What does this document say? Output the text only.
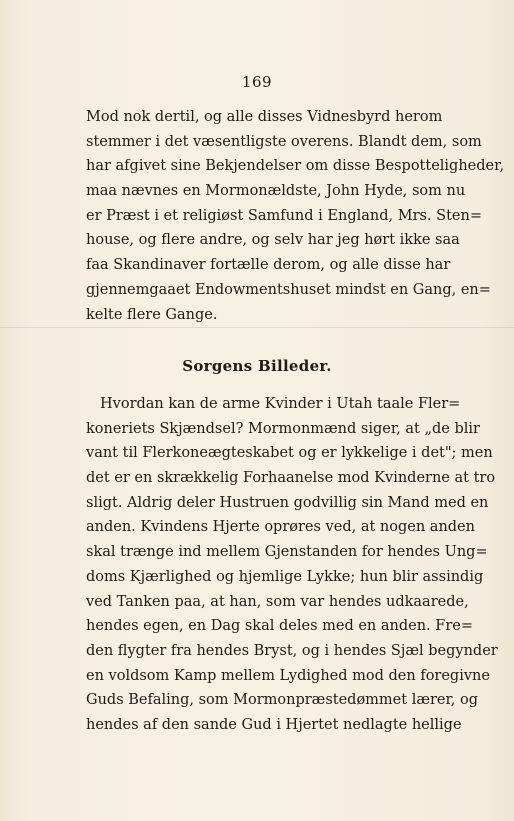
169
Mod nok dertil, og alle disses Vidnesbyrd herom
stemmer i det væsentligste overens. Blandt dem, som
har afgivet sine Bekjendelser om disse Bespotteligheder,
maa nævnes en Mormonældste, John Hyde, som nu
er Præst i et religiøst Samfund i England, Mrs. Sten=
house, og flere andre, og selv har jeg hørt ikke saa
faa Skandinaver fortælle derom, og alle disse har
gjennemgaaet Endowmentshuset mindst en Gang, en=
kelte flere Gange.
Sorgens Billeder.
Hvordan kan de arme Kvinder i Utah taale Fler=
koneriets Skjændsel? Mormonmænd siger, at „de blir
vant til Flerkoneægteskabet og er lykkelige i det"; men
det er en skrækkelig Forhaanelse mod Kvinderne at tro
sligt. Aldrig deler Hustruen godvillig sin Mand med en
anden. Kvindens Hjerte oprøres ved, at nogen anden
skal trænge ind mellem Gjenstanden for hendes Ung=
doms Kjærlighed og hjemlige Lykke; hun blir assindig
ved Tanken paa, at han, som var hendes udkaarede,
hendes egen, en Dag skal deles med en anden. Fre=
den flygter fra hendes Bryst, og i hendes Sjæl begynder
en voldsom Kamp mellem Lydighed mod den foregivne
Guds Befaling, som Mormonpræstedømmet lærer, og
hendes af den sande Gud i Hjertet nedlagte hellige
